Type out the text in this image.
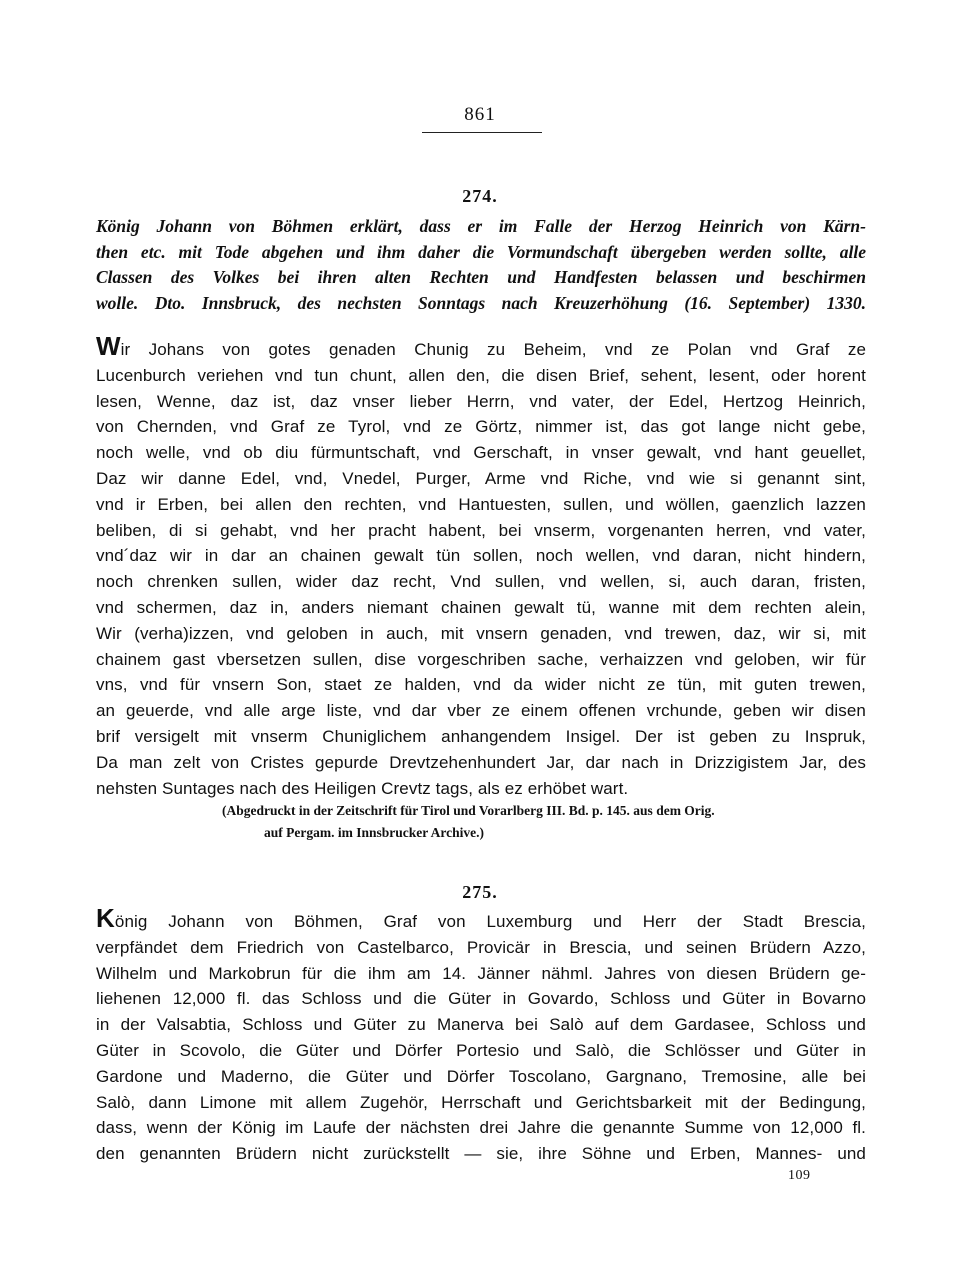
861
274.

König Johann von Böhmen erklärt, dass er im Falle der Herzog Heinrich von Kärn-
then etc. mit Tode abgehen und ihm daher die Vormundschaft übergeben werden sollte, alle
Classen des Volkes bei ihren alten Rechten und Handfesten belassen und beschirmen
wolle. Dto. Innsbruck, des nechsten Sonntags nach Kreuzerhöhung (16. September) 1330.

Wir Johans von gotes genaden Chunig zu Beheim, vnd ze Polan vnd Graf ze
Lucenburch veriehen vnd tun chunt, allen den, die disen Brief, sehent, lesent, oder horent
lesen, Wenne, daz ist, daz vnser lieber Herrn, vnd vater, der Edel, Hertzog Heinrich,
von Chernden, vnd Graf ze Tyrol, vnd ze Görtz, nimmer ist, das got lange nicht gebe,
noch welle, vnd ob diu fürmuntschaft, vnd Gerschaft, in vnser gewalt, vnd hant geuellet,
Daz wir danne Edel, vnd, Vnedel, Purger, Arme vnd Riche, vnd wie si genannt sint,
vnd ir Erben, bei allen den rechten, vnd Hantuesten, sullen, und wöllen, gaenzlich lazzen
beliben, di si gehabt, vnd her pracht habent, bei vnserm, vorgenanten herren, vnd vater,
vnd´daz wir in dar an chainen gewalt tün sollen, noch wellen, vnd daran, nicht hindern,
noch chrenken sullen, wider daz recht, Vnd sullen, vnd wellen, si, auch daran, fristen,
vnd schermen, daz in, anders niemant chainen gewalt tü, wanne mit dem rechten alein,
Wir (verha)izzen, vnd geloben in auch, mit vnsern genaden, vnd trewen, daz, wir si, mit
chainem gast vbersetzen sullen, dise vorgeschriben sache, verhaizzen vnd geloben, wir für
vns, vnd für vnsern Son, staet ze halden, vnd da wider nicht ze tün, mit guten trewen,
an geuerde, vnd alle arge liste, vnd dar vber ze einem offenen vrchunde, geben wir disen
brif versigelt mit vnserm Chuniglichem anhangendem Insigel. Der ist geben zu Inspruk,
Da man zelt von Cristes gepurde Drevtzehenhundert Jar, dar nach in Drizzigistem Jar, des
nehsten Suntages nach des Heiligen Crevtz tags, als ez erhöbet wart.

(Abgedruckt in der Zeitschrift für Tirol und Vorarlberg III. Bd. p. 145. aus dem Orig.
auf Pergam. im Innsbrucker Archive.)

275.

König Johann von Böhmen, Graf von Luxemburg und Herr der Stadt Brescia,
verpfändet dem Friedrich von Castelbarco, Provicär in Brescia, und seinen Brüdern Azzo,
Wilhelm und Markobrun für die ihm am 14. Jänner nähml. Jahres von diesen Brüdern ge-
liehenen 12,000 fl. das Schloss und die Güter in Govardo, Schloss und Güter in Bovarno
in der Valsabtia, Schloss und Güter zu Manerva bei Salò auf dem Gardasee, Schloss und
Güter in Scovolo, die Güter und Dörfer Portesio und Salò, die Schlösser und Güter in
Gardone und Maderno, die Güter und Dörfer Toscolano, Gargnano, Tremosine, alle bei
Salò, dann Limone mit allem Zugehör, Herrschaft und Gerichtsbarkeit mit der Bedingung,
dass, wenn der König im Laufe der nächsten drei Jahre die genannte Summe von 12,000 fl.
den genannten Brüdern nicht zurückstellt — sie, ihre Söhne und Erben, Mannes- und

109
